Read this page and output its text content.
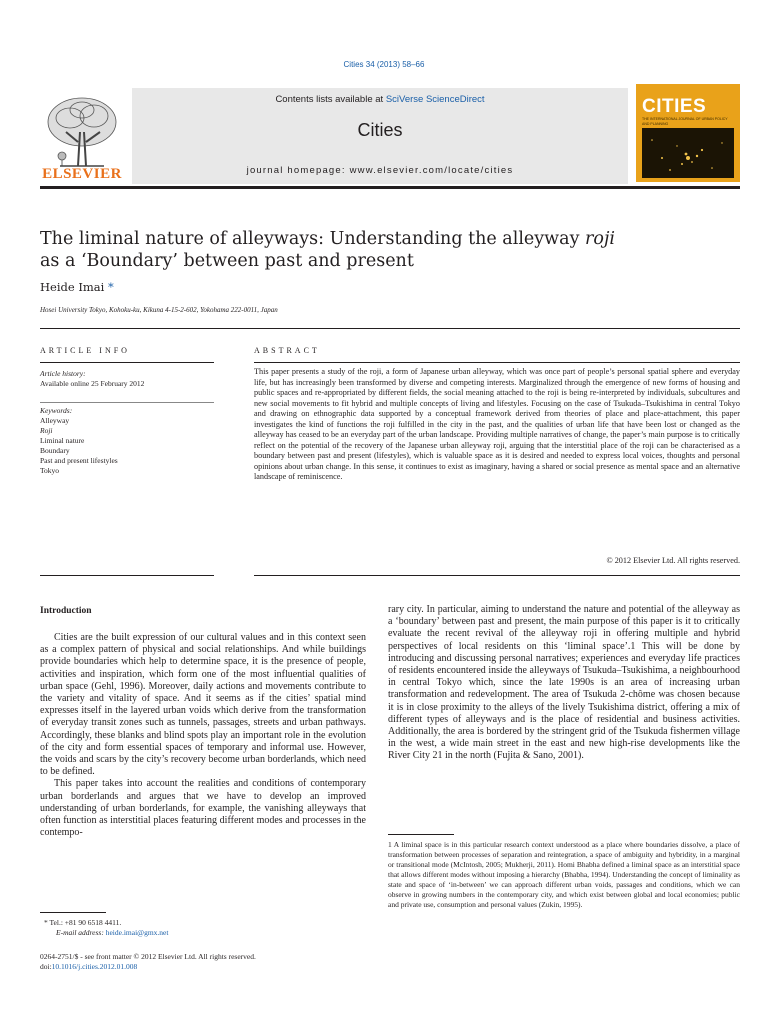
Cities 34 (2013) 58–66
ELSEVIER
Contents lists available at SciVerse ScienceDirect
Cities
journal homepage: www.elsevier.com/locate/cities
CITIES
THE INTERNATIONAL JOURNAL OF URBAN POLICY AND PLANNING
The liminal nature of alleyways: Understanding the alleyway roji
as a ‘Boundary’ between past and present
Heide Imai *
Hosei University Tokyo, Kohoku-ku, Kikuna 4-15-2-602, Yokohama 222-0011, Japan
ARTICLE INFO
Article history:
Available online 25 February 2012
Keywords:
Alleyway
Roji
Liminal nature
Boundary
Past and present lifestyles
Tokyo
ABSTRACT
This paper presents a study of the roji, a form of Japanese urban alleyway, which was once part of people’s personal spatial sphere and everyday life, but has increasingly been transformed by diverse and competing interests. Marginalized through the emergence of new forms of housing and public spaces and re-appropriated by different fields, the social meaning attached to the roji is being re-interpreted by individuals, subcultures and new social movements to fit hybrid and multiple concepts of living and lifestyles. Focusing on the case of Tsukuda–Tsukishima in central Tokyo and drawing on ethnographic data supported by a conceptual framework derived from theories of place and place-attachment, this paper investigates the kind of functions the roji fulfilled in the city in the past, and the qualities of urban life that have been lost or changed as the alleyway has ceased to be an everyday part of the urban landscape. Providing multiple narratives of change, the paper’s main purpose is to critically reflect on the potential of the recovery of the Japanese urban alleyway roji, arguing that the interstitial place of the roji can be characterised as a boundary between past and present (lifestyles), which is valuable space as it is desired and needed to express local voices, thoughts and personal opinions about urban change. In this sense, it continues to exist as imaginary, having a shared or social presence as mental space and an alternative landscape of reminiscence.
© 2012 Elsevier Ltd. All rights reserved.
Introduction

Cities are the built expression of our cultural values and in this context seen as a complex pattern of physical and social relationships. And while buildings provide boundaries which help to determine space, it is the presence of people, activities and inspiration, which form one of the most influential qualities of urban space (Gehl, 1996). Moreover, daily actions and movements contribute to the variety and vitality of space. And it seems as if the cities’ spatial mind expresses itself in the layered urban voids which derive from the transformation of everyday transit zones such as tunnels, passages, streets and urban pathways. Accordingly, these blanks and blind spots play an important role in the evolution of the city and form essential spaces of temporary and informal use. However, the voids and scars by the city’s recovery become urban borderlands, which need to be defined.

This paper takes into account the realities and conditions of contemporary urban borderlands and argues that we have to develop an improved understanding of urban borderlands, for example, the vanishing alleyways that often function as interstitial places featuring different modes and processes in the contempo-

rary city. In particular, aiming to understand the nature and potential of the alleyway as a ‘boundary’ between past and present, the main purpose of this paper is it to critically evaluate the recent revival of the alleyway roji in offering multiple and hybrid perspectives of local residents on this ‘liminal space’.1 This will be done by introducing and discussing personal narratives; experiences and everyday life practices of residents encountered inside the alleyways of Tsukuda–Tsukishima, a neighbourhood in central Tokyo which, since the late 1990s is an area of increasing urban transformation and redevelopment. The area of Tsukuda 2-chôme was chosen because it is in close proximity to the alleys of the lively Tsukishima district, offering a mix of different types of alleyways and is the place of residential and business activities. Additionally, the area is bordered by the stringent grid of the Tsukuda fishermen village in the west, a wide main street in the east and new high-rise developments like the River City 21 in the north (Fujita & Sano, 2001).

1 A liminal space is in this particular research context understood as a place where boundaries dissolve, a place of transformation between processes of separation and reintegration, a space of ambiguity and hybridity, in a marginal or transitional mode (McIntosh, 2005; Mukherji, 2011). Homi Bhabha defined a liminal space as an interstitial space that allows different modes without imposing a hierarchy (Bhabha, 1994). Understanding the concept of liminality as state and space of ‘in-between’ we can approach different urban voids, passages and conditions, which we can observe in growing numbers in the contemporary city, and which exist between global and local economies; public and private use, consumption and personal values (Zukin, 1995).
* Tel.: +81 90 6518 4411.
E-mail address: heide.imai@gmx.net
0264-2751/$ - see front matter © 2012 Elsevier Ltd. All rights reserved.
doi:10.1016/j.cities.2012.01.008
